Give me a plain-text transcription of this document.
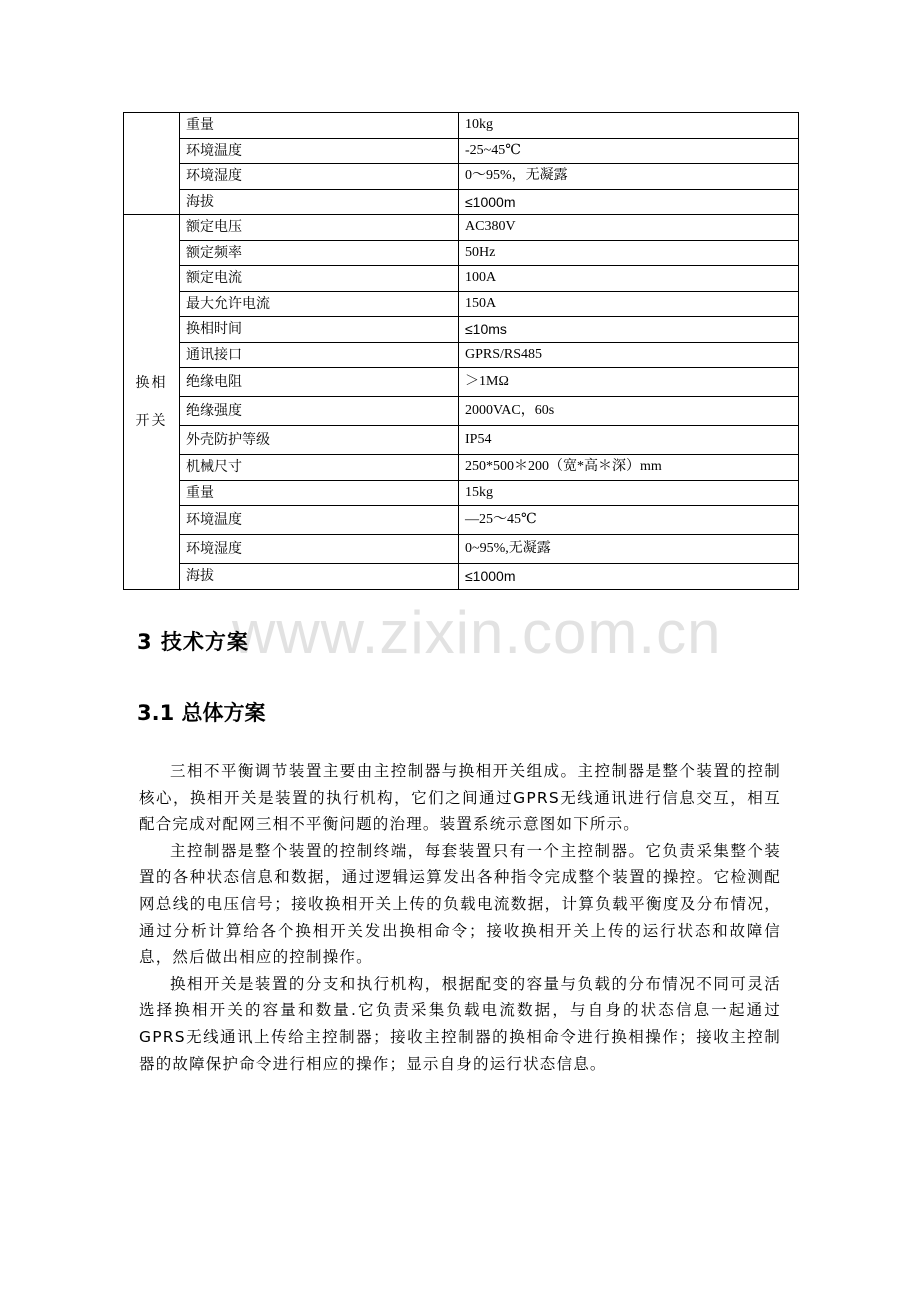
www.zixin.com.cn
	重量	10kg
	环境温度	-25~45℃
	环境湿度	0～95%，无凝露
	海拔	≤1000m

换相
开关	额定电压	AC380V
	额定频率	50Hz
	额定电流	100A
	最大允许电流	150A
	换相时间	≤10ms
	通讯接口	GPRS/RS485
	绝缘电阻	＞1MΩ
	绝缘强度	2000VAC，60s
	外壳防护等级	IP54
	机械尺寸	250*500＊200（宽*高＊深）mm
	重量	15kg
	环境温度	—25～45℃
	环境湿度	0~95%,无凝露
	海拔	≤1000m
3 技术方案
3.1 总体方案

三相不平衡调节装置主要由主控制器与换相开关组成。主控制器是整个装置的控制核心，换相开关是装置的执行机构，它们之间通过GPRS无线通讯进行信息交互，相互配合完成对配网三相不平衡问题的治理。装置系统示意图如下所示。

主控制器是整个装置的控制终端，每套装置只有一个主控制器。它负责采集整个装置的各种状态信息和数据，通过逻辑运算发出各种指令完成整个装置的操控。它检测配网总线的电压信号；接收换相开关上传的负载电流数据，计算负载平衡度及分布情况，通过分析计算给各个换相开关发出换相命令；接收换相开关上传的运行状态和故障信息，然后做出相应的控制操作。

换相开关是装置的分支和执行机构，根据配变的容量与负载的分布情况不同可灵活选择换相开关的容量和数量.它负责采集负载电流数据，与自身的状态信息一起通过GPRS无线通讯上传给主控制器；接收主控制器的换相命令进行换相操作；接收主控制器的故障保护命令进行相应的操作；显示自身的运行状态信息。
